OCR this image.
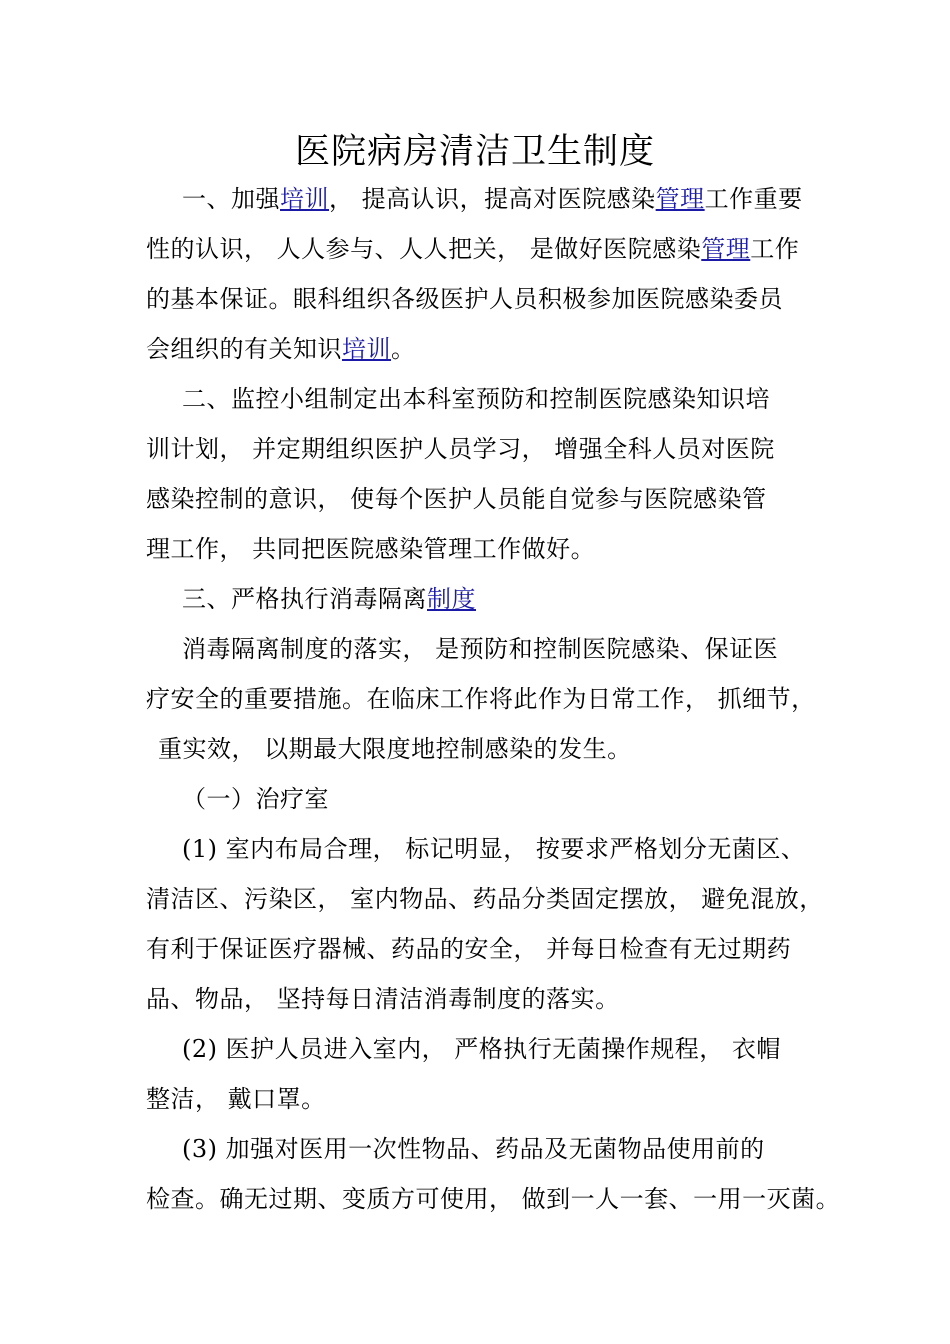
医院病房清洁卫生制度
一、加强培训， 提高认识，提高对医院感染管理工作重要
性的认识， 人人参与、人人把关， 是做好医院感染管理工作
的基本保证。眼科组织各级医护人员积极参加医院感染委员
会组织的有关知识培训。
二、监控小组制定出本科室预防和控制医院感染知识培
训计划， 并定期组织医护人员学习， 增强全科人员对医院
感染控制的意识， 使每个医护人员能自觉参与医院感染管
理工作， 共同把医院感染管理工作做好。
三、严格执行消毒隔离制度
消毒隔离制度的落实， 是预防和控制医院感染、保证医
疗安全的重要措施。在临床工作将此作为日常工作， 抓细节，
重实效， 以期最大限度地控制感染的发生。
（一）治疗室
(1) 室内布局合理， 标记明显， 按要求严格划分无菌区、
清洁区、污染区， 室内物品、药品分类固定摆放， 避免混放，
有利于保证医疗器械、药品的安全， 并每日检查有无过期药
品、物品， 坚持每日清洁消毒制度的落实。
(2) 医护人员进入室内， 严格执行无菌操作规程， 衣帽
整洁， 戴口罩。
(3) 加强对医用一次性物品、药品及无菌物品使用前的
检查。确无过期、变质方可使用， 做到一人一套、一用一灭菌。
